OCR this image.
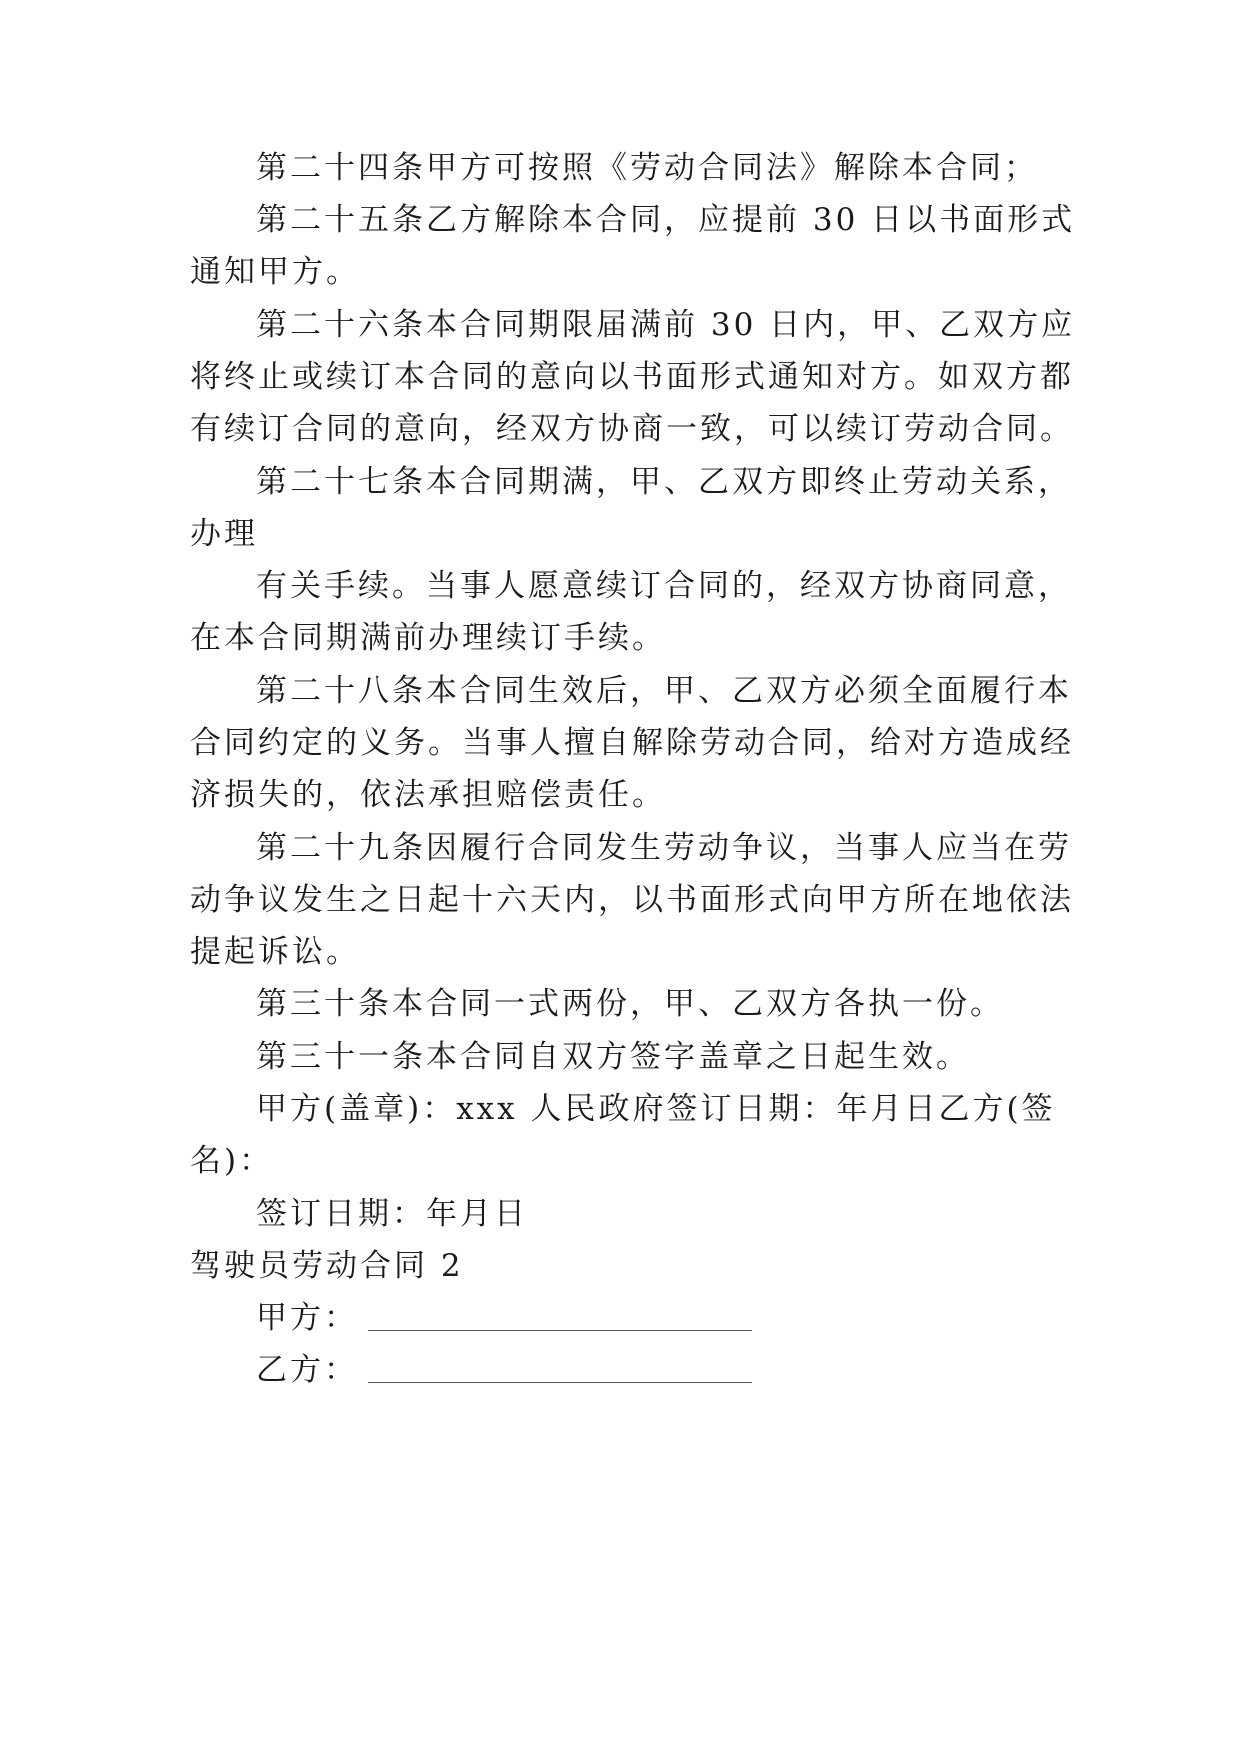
第二十四条甲方可按照《劳动合同法》解除本合同；
第二十五条乙方解除本合同，应提前 30 日以书面形式
通知甲方。
第二十六条本合同期限届满前 30 日内，甲、乙双方应
将终止或续订本合同的意向以书面形式通知对方。如双方都
有续订合同的意向，经双方协商一致，可以续订劳动合同。
第二十七条本合同期满，甲、乙双方即终止劳动关系，
办理
有关手续。当事人愿意续订合同的，经双方协商同意，
在本合同期满前办理续订手续。
第二十八条本合同生效后，甲、乙双方必须全面履行本
合同约定的义务。当事人擅自解除劳动合同，给对方造成经
济损失的，依法承担赔偿责任。
第二十九条因履行合同发生劳动争议，当事人应当在劳
动争议发生之日起十六天内，以书面形式向甲方所在地依法
提起诉讼。
第三十条本合同一式两份，甲、乙双方各执一份。
第三十一条本合同自双方签字盖章之日起生效。
甲方(盖章)：xxx 人民政府签订日期：年月日乙方(签
名)：
签订日期：年月日
驾驶员劳动合同 2
甲方：
乙方：
